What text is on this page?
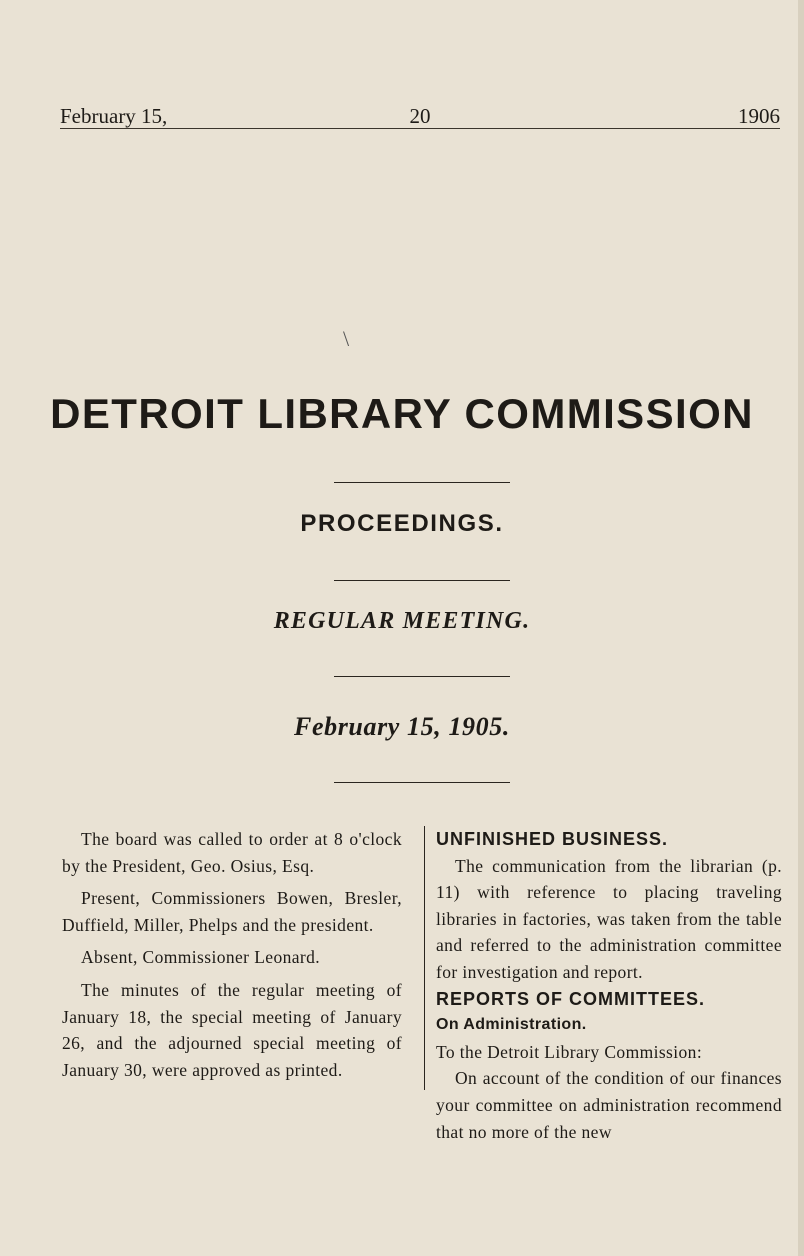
February 15,	20	1906
\
DETROIT LIBRARY COMMISSION
PROCEEDINGS.
REGULAR MEETING.
February 15, 1905.

The board was called to order at 8 o'clock by the President, Geo. Osius, Esq.

Present, Commissioners Bowen, Bresler, Duffield, Miller, Phelps and the president.

Absent, Commissioner Leonard.

The minutes of the regular meeting of January 18, the special meeting of January 26, and the adjourned special meeting of January 30, were approved as printed.

UNFINISHED BUSINESS.

The communication from the librarian (p. 11) with reference to placing traveling libraries in factories, was taken from the table and referred to the administration committee for investigation and report.

REPORTS OF COMMITTEES.

On Administration.

To the Detroit Library Commission:

On account of the condition of our finances your committee on administration recommend that no more of the new
